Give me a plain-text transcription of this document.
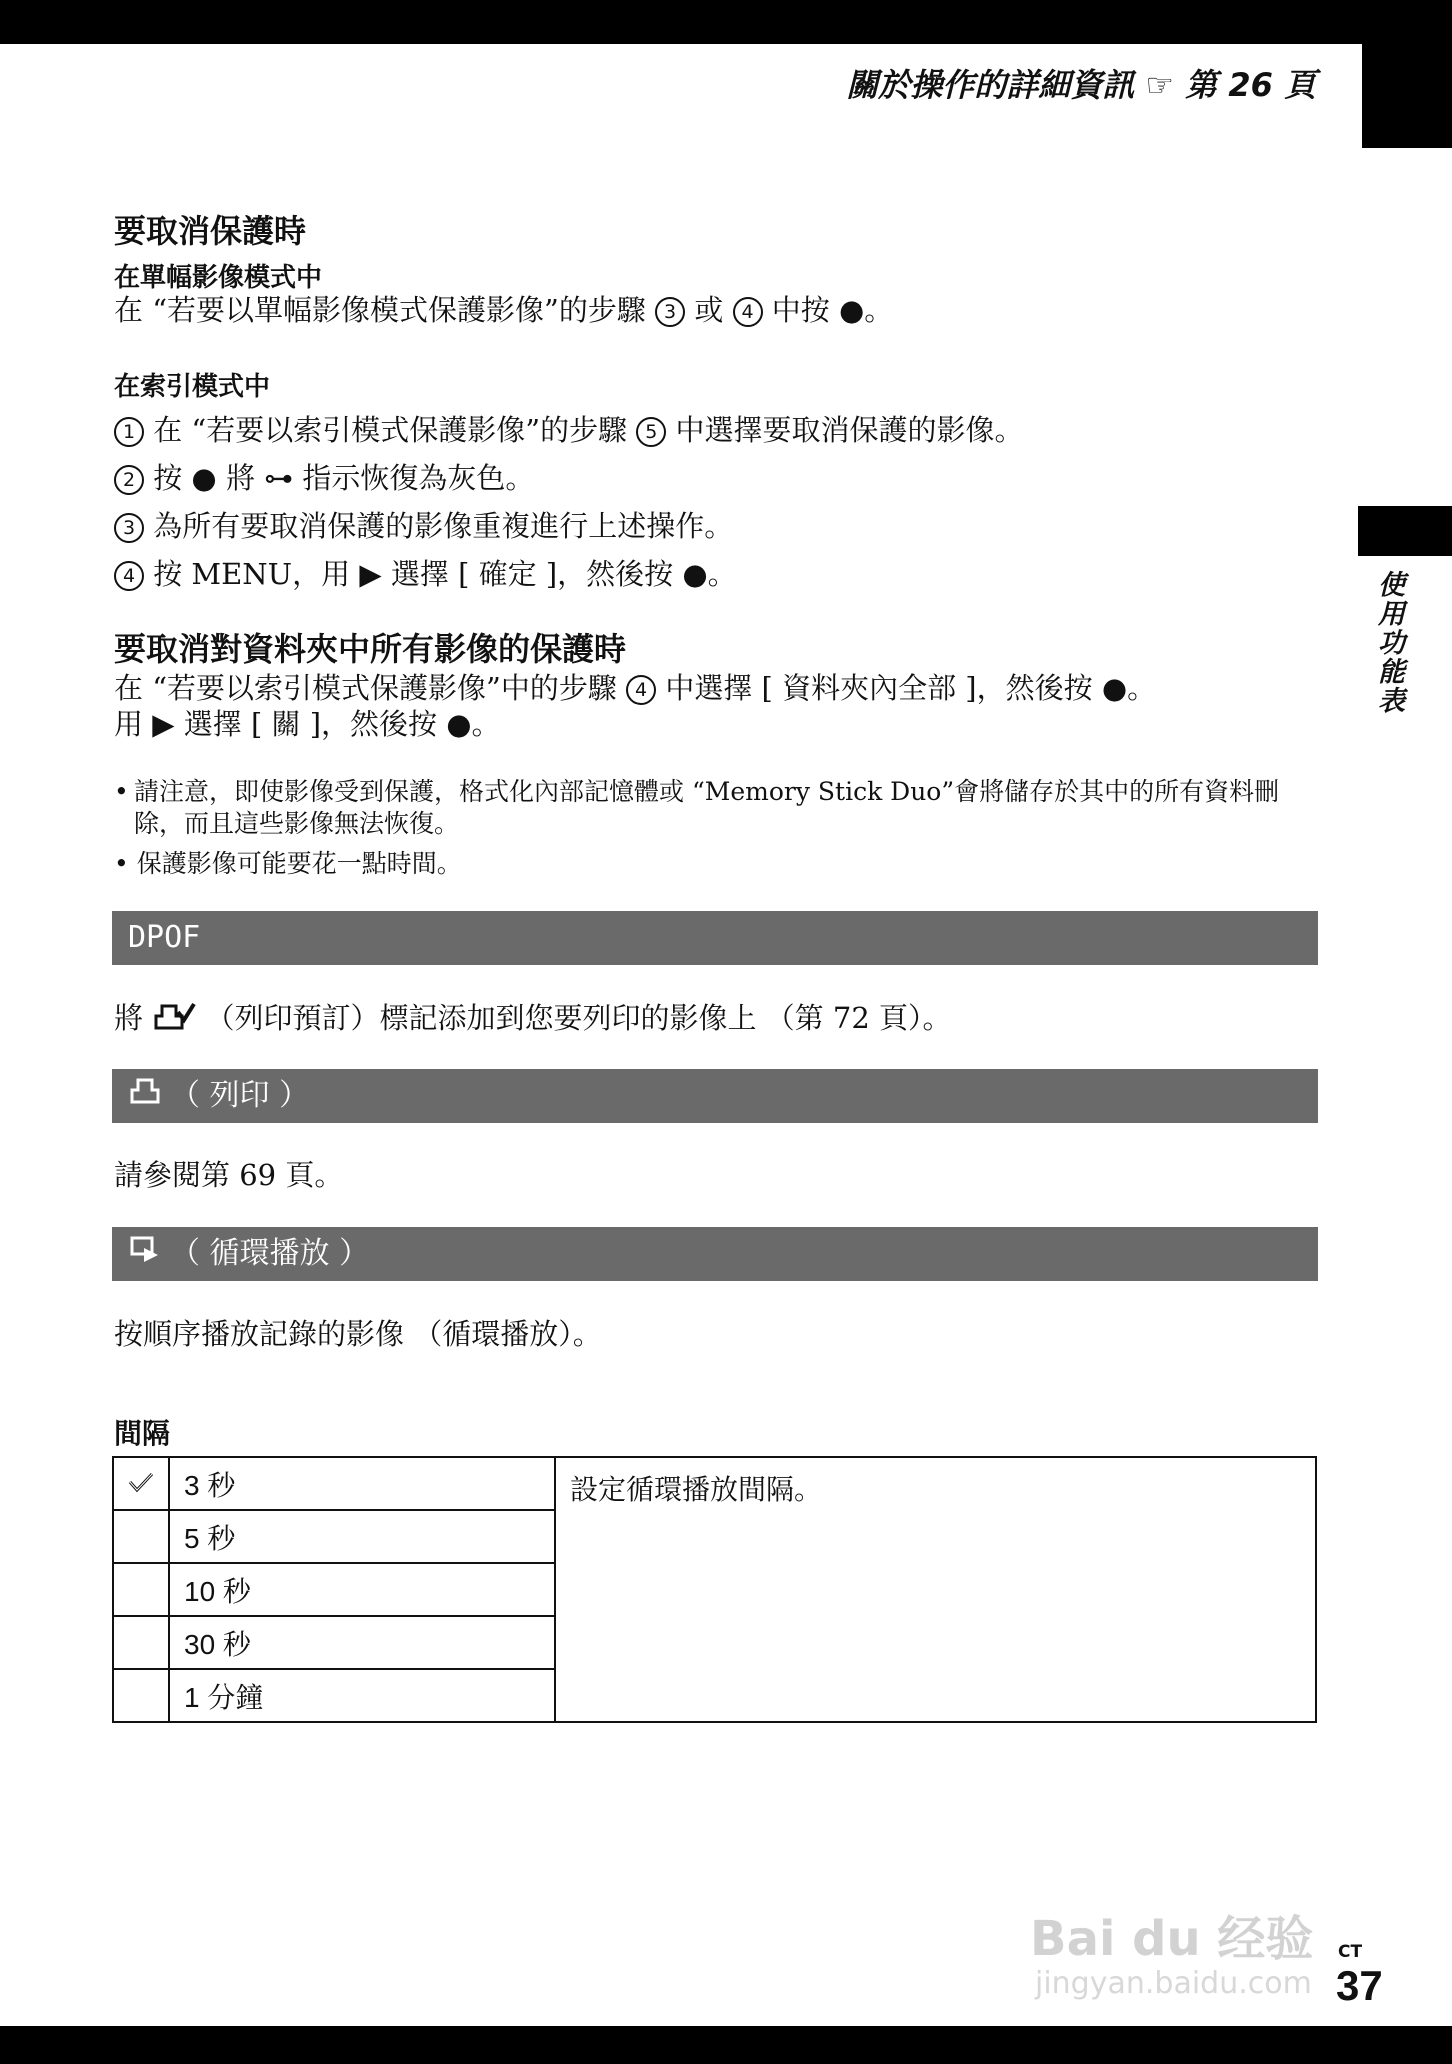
使用功能表
關於操作的詳細資訊 ☞ 第 26 頁
要取消保護時
在單幅影像模式中
在 “若要以單幅影像模式保護影像”的步驟 3 或 4 中按 ●。
在索引模式中
1 在 “若要以索引模式保護影像”的步驟 5 中選擇要取消保護的影像。
2 按 ● 將 ⊶ 指示恢復為灰色。
3 為所有要取消保護的影像重複進行上述操作。
4 按 MENU，用 ▶ 選擇 [ 確定 ]，然後按 ●。
要取消對資料夾中所有影像的保護時
在 “若要以索引模式保護影像”中的步驟 4 中選擇 [ 資料夾內全部 ]，然後按 ●。
用 ▶ 選擇 [ 關 ]，然後按 ●。
• 請注意，即使影像受到保護，格式化內部記憶體或 “Memory Stick Duo”會將儲存於其中的所有資料刪除，而且這些影像無法恢復。
• 保護影像可能要花一點時間。
DPOF
將 （列印預訂）標記添加到您要列印的影像上 （第 72 頁）。
（ 列印 ）
請參閱第 69 頁。
（ 循環播放 ）
按順序播放記錄的影像 （循環播放）。
間隔
	3 秒	設定循環播放間隔。
	5 秒	
	10 秒	
	30 秒	
	1 分鐘	
Bai du 经验
jingyan.baidu.com
CT
37
